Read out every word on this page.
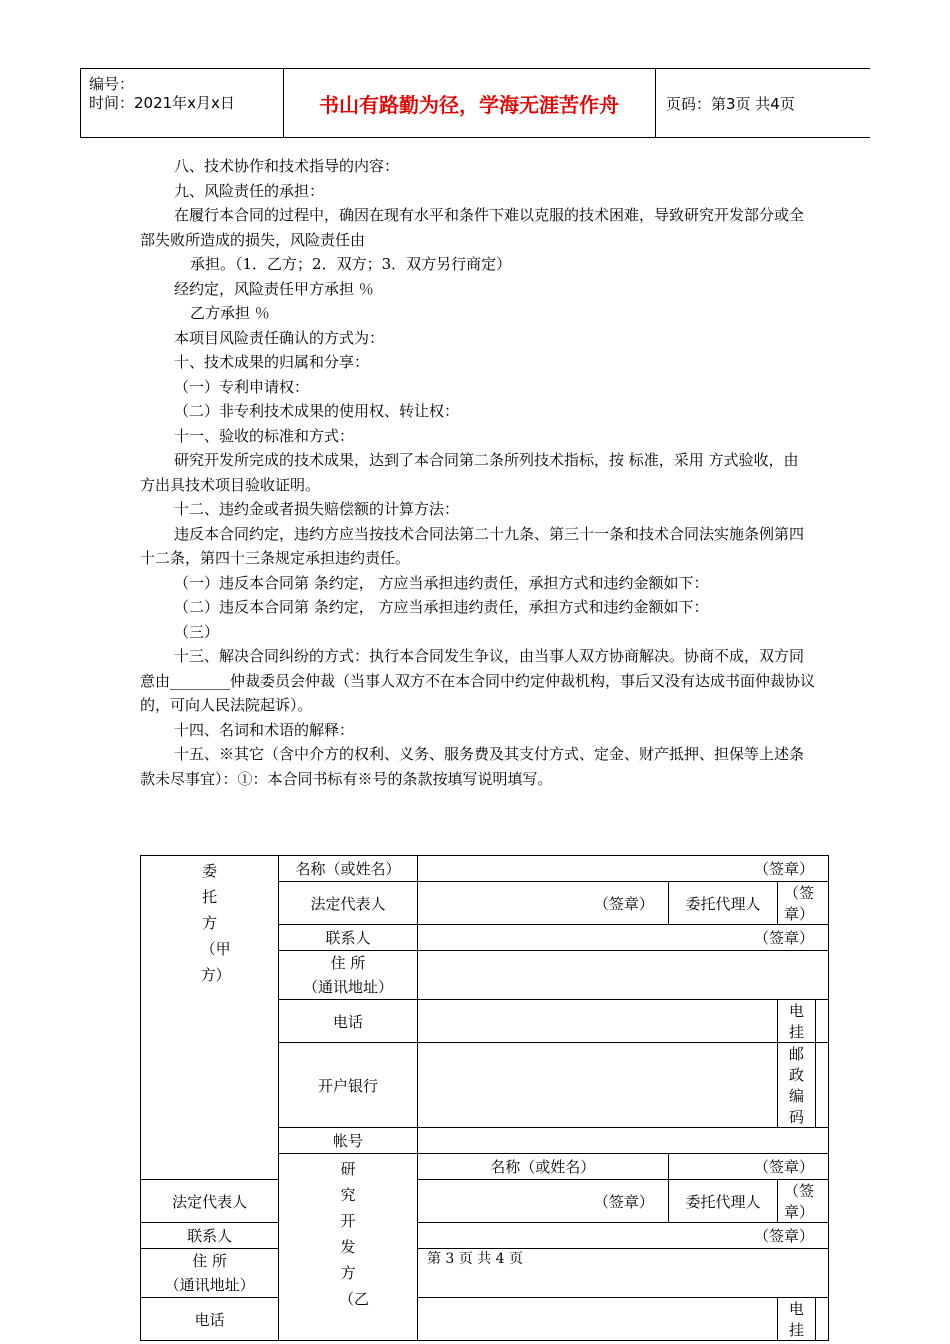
编号：
时间：2021年x月x日	书山有路勤为径，学海无涯苦作舟	页码：第3页 共4页

八、技术协作和技术指导的内容：

九、风险责任的承担：

在履行本合同的过程中，确因在现有水平和条件下难以克服的技术困难，导致研究开发部分或全部失败所造成的损失，风险责任由

承担。（1．乙方；2．双方；3．双方另行商定）

经约定，风险责任甲方承担 ％

乙方承担 ％

本项目风险责任确认的方式为：

十、技术成果的归属和分享：

（一）专利申请权：

（二）非专利技术成果的使用权、转让权：

十一、验收的标准和方式：

研究开发所完成的技术成果，达到了本合同第二条所列技术指标，按 标准，采用 方式验收，由 方出具技术项目验收证明。

十二、违约金或者损失赔偿额的计算方法：

违反本合同约定，违约方应当按技术合同法第二十九条、第三十一条和技术合同法实施条例第四十二条，第四十三条规定承担违约责任。

（一）违反本合同第 条约定， 方应当承担违约责任，承担方式和违约金额如下：

（二）违反本合同第 条约定， 方应当承担违约责任，承担方式和违约金额如下：

（三）

十三、解决合同纠纷的方式：执行本合同发生争议，由当事人双方协商解决。协商不成，双方同意由________仲裁委员会仲裁（当事人双方不在本合同中约定仲裁机构，事后又没有达成书面仲裁协议的，可向人民法院起诉）。

十四、名词和术语的解释：

十五、※其它（含中介方的权利、义务、服务费及其支付方式、定金、财产抵押、担保等上述条款未尽事宜）：①：本合同书标有※号的条款按填写说明填写。

委托方（甲方）	名称（或姓名）	（签章）			
	法定代表人	（签章）	委托代理人	（签章）	
	联系人	（签章）			
	住 所
（通讯地址）				
	电话			电挂	
	开户银行			邮政编码	
	帐号				

	研究开发方（乙	名称（或姓名）	（签章）		
法定代表人		（签章）	委托代理人	（签章）	
联系人		（签章）			
住 所
（通讯地址）					
电话				电挂	
第 3 页 共 4 页
